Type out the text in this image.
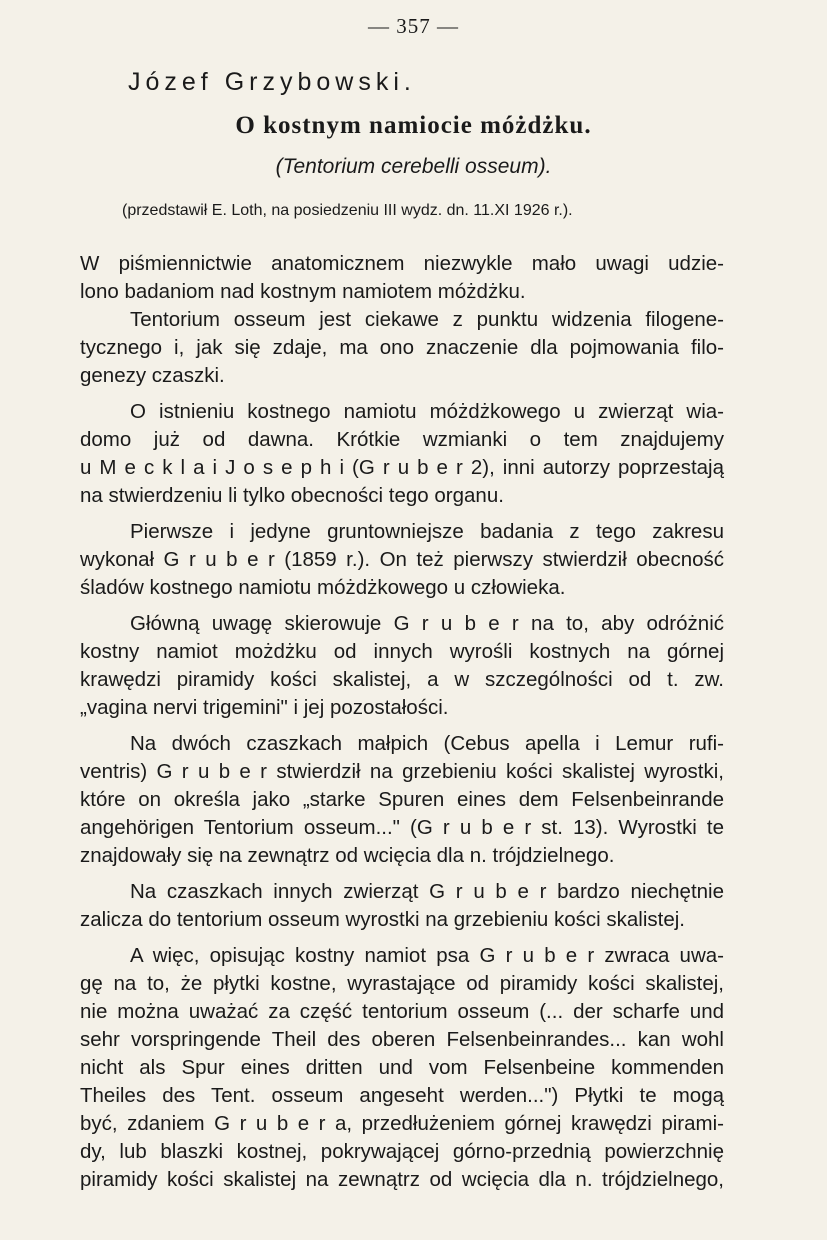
— 357 —
Józef Grzybowski.
O kostnym namiocie móżdżku.
(Tentorium cerebelli osseum).
(przedstawił E. Loth, na posiedzeniu III wydz. dn. 11.XI 1926 r.).
W piśmiennictwie anatomicznem niezwykle mało uwagi udzie-
lono badaniom nad kostnym namiotem móżdżku.
Tentorium osseum jest ciekawe z punktu widzenia filogene-
tycznego i, jak się zdaje, ma ono znaczenie dla pojmowania filo-
genezy czaszki.
O istnieniu kostnego namiotu móżdżkowego u zwierząt wia-
domo już od dawna. Krótkie wzmianki o tem znajdujemy
u M e c k l a i J o s e p h i (G r u b e r 2), inni autorzy poprzestają
na stwierdzeniu li tylko obecności tego organu.
Pierwsze i jedyne gruntowniejsze badania z tego zakresu
wykonał G r u b e r (1859 r.). On też pierwszy stwierdził obecność
śladów kostnego namiotu móżdżkowego u człowieka.
Główną uwagę skierowuje G r u b e r na to, aby odróżnić
kostny namiot możdżku od innych wyrośli kostnych na górnej
krawędzi piramidy kości skalistej, a w szczególności od t. zw.
„vagina nervi trigemini" i jej pozostałości.
Na dwóch czaszkach małpich (Cebus apella i Lemur rufi-
ventris) G r u b e r stwierdził na grzebieniu kości skalistej wyrostki,
które on określa jako „starke Spuren eines dem Felsenbeinrande
angehörigen Tentorium osseum..." (G r u b e r st. 13). Wyrostki te
znajdowały się na zewnątrz od wcięcia dla n. trójdzielnego.
Na czaszkach innych zwierząt G r u b e r bardzo niechętnie
zalicza do tentorium osseum wyrostki na grzebieniu kości skalistej.
A więc, opisując kostny namiot psa G r u b e r zwraca uwa-
gę na to, że płytki kostne, wyrastające od piramidy kości skalistej,
nie można uważać za część tentorium osseum (... der scharfe und
sehr vorspringende Theil des oberen Felsenbeinrandes... kan wohl
nicht als Spur eines dritten und vom Felsenbeine kommenden
Theiles des Tent. osseum angeseht werden...") Płytki te mogą
być, zdaniem G r u b e r a, przedłużeniem górnej krawędzi pirami-
dy, lub blaszki kostnej, pokrywającej górno-przednią powierzchnię
piramidy kości skalistej na zewnątrz od wcięcia dla n. trójdzielnego,
